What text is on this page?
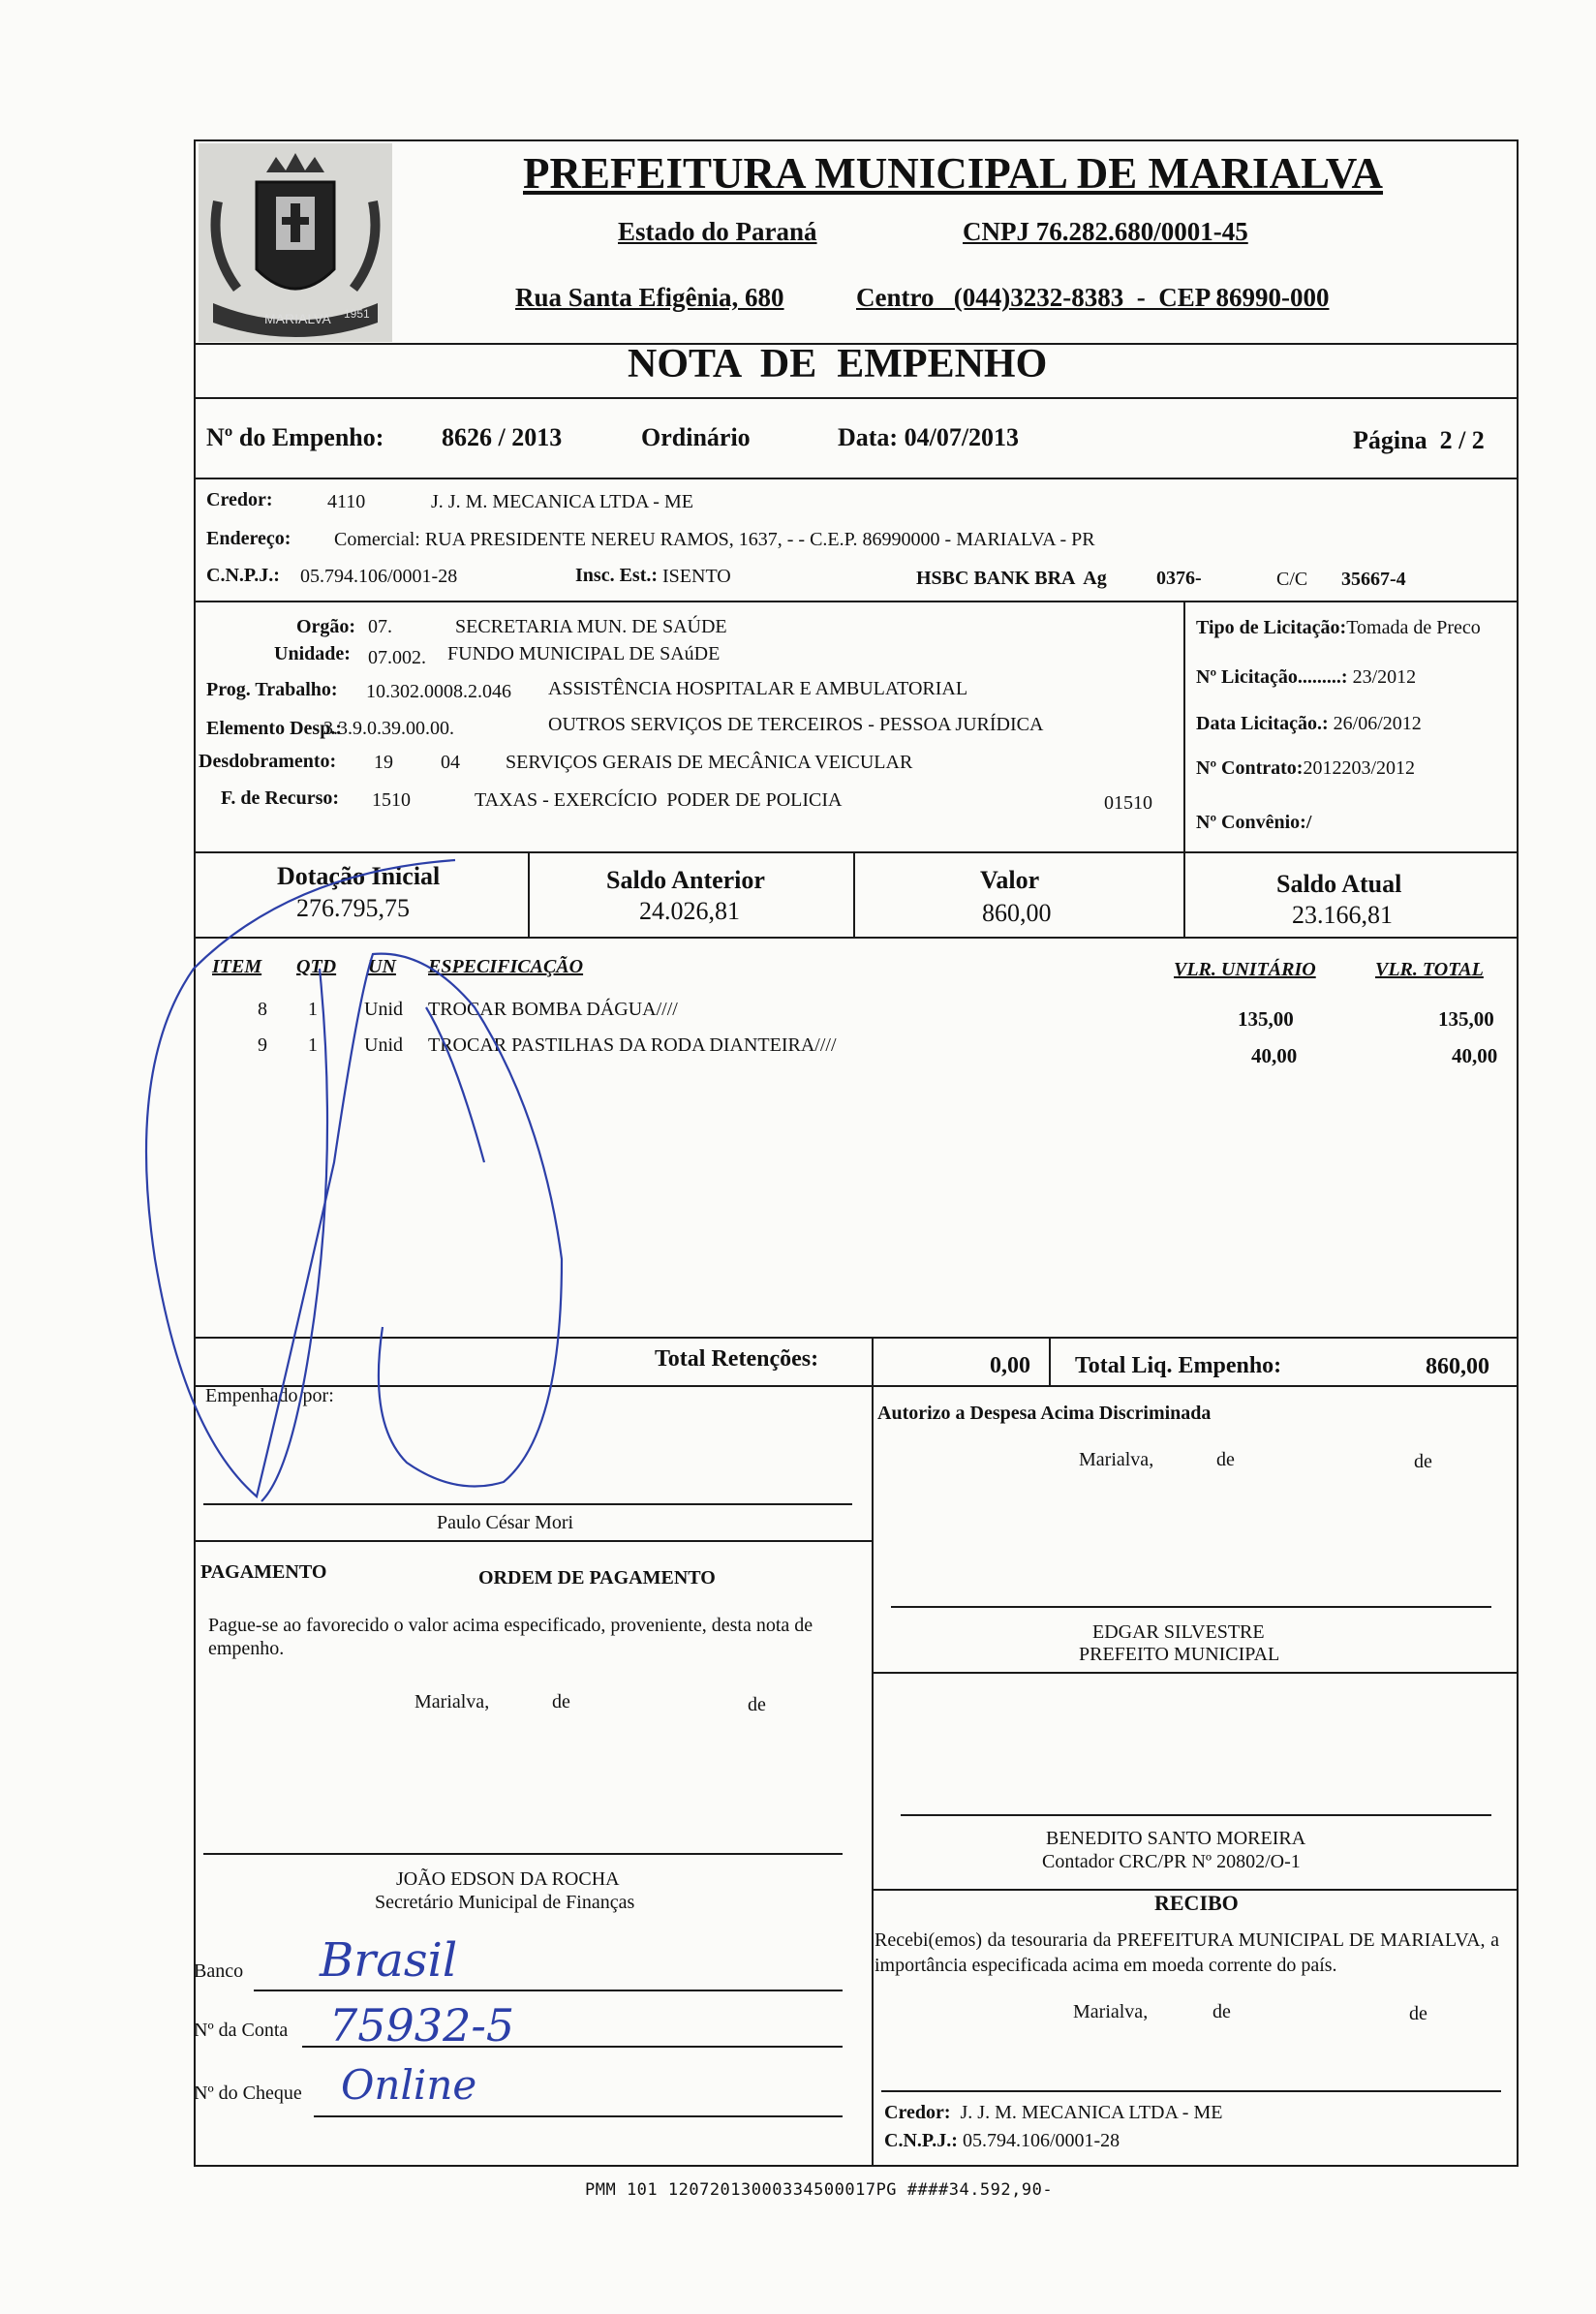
MARIALVA 1951
PREFEITURA MUNICIPAL DE MARIALVA
Estado do Paraná	CNPJ 76.282.680/0001-45
Rua Santa Efigênia, 680	Centro   (044)3232-8383  -  CEP 86990-000
NOTA  DE  EMPENHO
Nº do Empenho: 8626 / 2013	Ordinário	Data: 04/07/2013	Página  2 / 2
Credor:	4110	J. J. M. MECANICA LTDA - ME
Endereço: Comercial: RUA PRESIDENTE NEREU RAMOS, 1637, - - C.E.P. 86990000 - MARIALVA - PR
C.N.P.J.: 05.794.106/0001-28	Insc. Est.: ISENTO	HSBC BANK BRA  Ag	0376-	C/C 35667-4
Orgão: 07.	SECRETARIA MUN. DE SAÚDE
Unidade: 07.002. FUNDO MUNICIPAL DE SAúDE
Prog. Trabalho: 10.302.0008.2.046 ASSISTÊNCIA HOSPITALAR E AMBULATORIAL
Elemento Desp.:
3.3.9.0.39.00.00.	OUTROS SERVIÇOS DE TERCEIROS - PESSOA JURÍDICA
Desdobramento: 19 04 SERVIÇOS GERAIS DE MECÂNICA VEICULAR
F. de Recurso: 1510	TAXAS - EXERCÍCIO  PODER DE POLICIA	01510
Tipo de Licitação:Tomada de Preco
Nº Licitação.........: 23/2012
Data Licitação.: 26/06/2012
Nº Contrato:2012203/2012
Nº Convênio:/
Dotação Inicial
276.795,75
Saldo Anterior
24.026,81
Valor
860,00
Saldo Atual
23.166,81
ITEM QTD UN ESPECIFICAÇÃO	VLR. UNITÁRIO	VLR. TOTAL
8 1 Unid TROCAR BOMBA DÁGUA////	135,00	135,00
9 1 Unid TROCAR PASTILHAS DA RODA DIANTEIRA////	40,00	40,00
Total Retenções:	0,00 Total Liq. Empenho:	860,00
Empenhado por:
Paulo César Mori
Autorizo a Despesa Acima Discriminada
Marialva,	de	de
EDGAR SILVESTRE
PREFEITO MUNICIPAL
BENEDITO SANTO MOREIRA
Contador CRC/PR Nº 20802/O-1
PAGAMENTO	ORDEM DE PAGAMENTO
Pague-se ao favorecido o valor acima especificado, proveniente, desta nota de empenho.
Marialva,	de	de
JOÃO EDSON DA ROCHA
Secretário Municipal de Finanças
Banco Brasil
Nº da Conta 75932-5
Nº do Cheque Online
RECIBO
Recebi(emos) da tesouraria da PREFEITURA MUNICIPAL DE MARIALVA, a importância especificada acima em moeda corrente do país.
Marialva,	de	de
Credor: J. J. M. MECANICA LTDA - ME
C.N.P.J.: 05.794.106/0001-28
PMM 101 12072013000334500017PG ####34.592,90-
